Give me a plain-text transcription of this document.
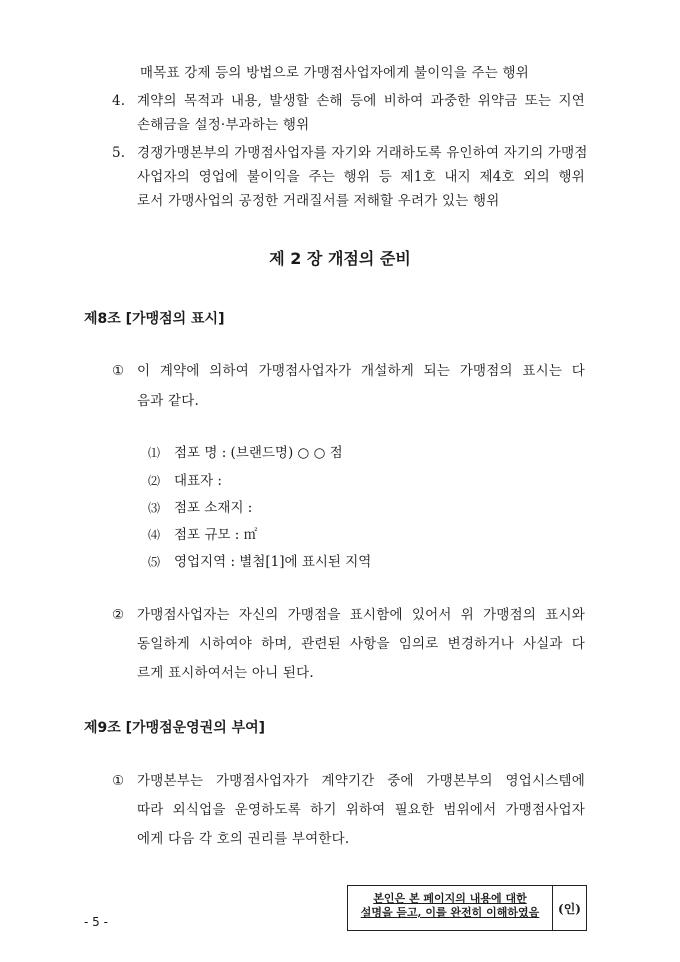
매목표 강제 등의 방법으로 가맹점사업자에게 불이익을 주는 행위
4. 계약의 목적과 내용, 발생할 손해 등에 비하여 과중한 위약금 또는 지연
손해금을 설정·부과하는 행위
5. 경쟁가맹본부의 가맹점사업자를 자기와 거래하도록 유인하여 자기의 가맹점
사업자의 영업에 불이익을 주는 행위 등 제1호 내지 제4호 외의 행위
로서 가맹사업의 공정한 거래질서를 저해할 우려가 있는 행위
제 2 장 개점의 준비
제8조 [가맹점의 표시]
① 이 계약에 의하여 가맹점사업자가 개설하게 되는 가맹점의 표시는 다
음과 같다.
⑴ 점포 명 : (브랜드명) ○ ○ 점
⑵ 대표자 :
⑶ 점포 소재지 :
⑷ 점포 규모 : ㎡
⑸ 영업지역 : 별첨[1]에 표시된 지역
② 가맹점사업자는 자신의 가맹점을 표시함에 있어서 위 가맹점의 표시와
동일하게 시하여야 하며, 관련된 사항을 임의로 변경하거나 사실과 다
르게 표시하여서는 아니 된다.
제9조 [가맹점운영권의 부여]
① 가맹본부는 가맹점사업자가 계약기간 중에 가맹본부의 영업시스템에
따라 외식업을 운영하도록 하기 위하여 필요한 범위에서 가맹점사업자
에게 다음 각 호의 권리를 부여한다.
본인은 본 페이지의 내용에 대한
설명을 듣고, 이를 완전히 이해하였음	(인)
- 5 -
